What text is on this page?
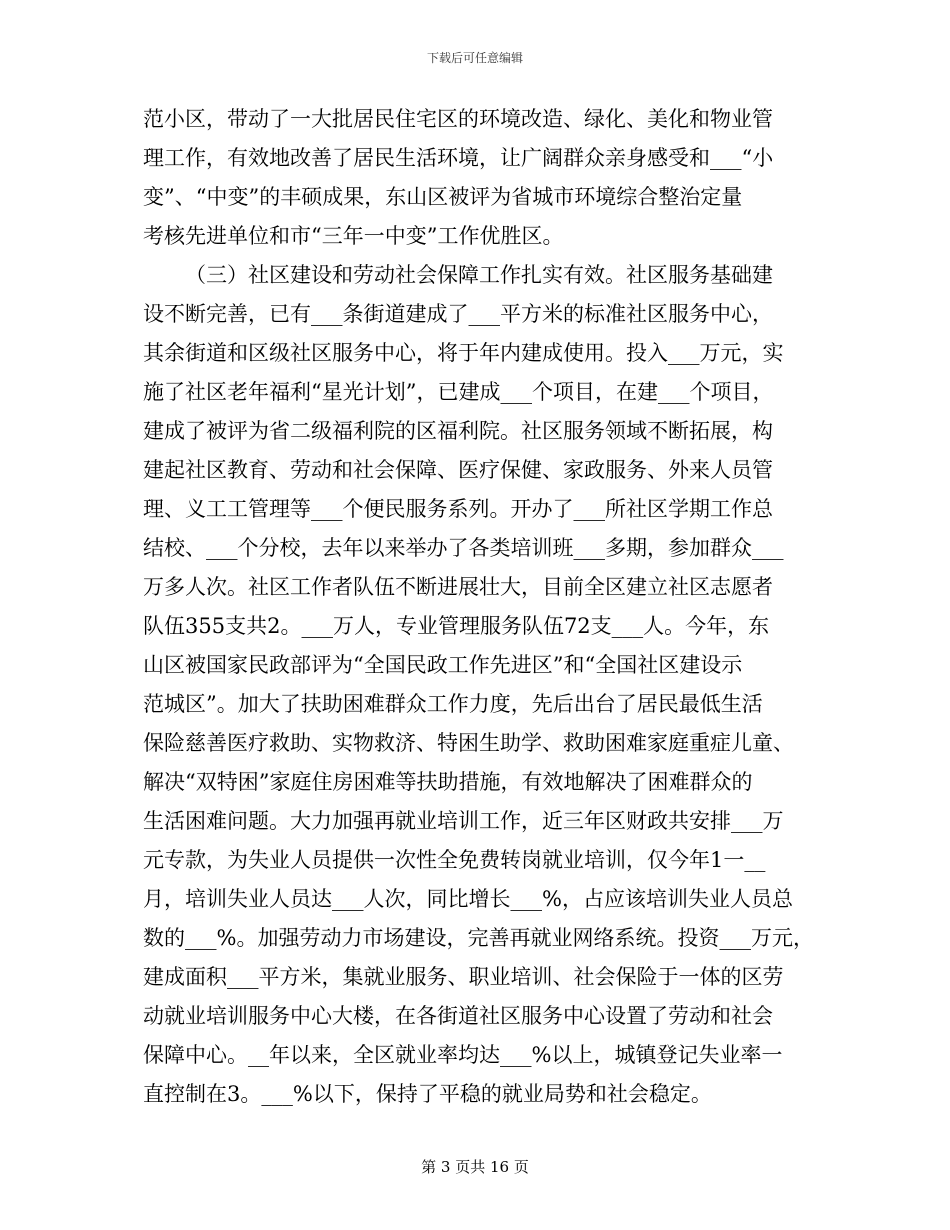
下载后可任意编辑
范小区，带动了一大批居民住宅区的环境改造、绿化、美化和物业管
理工作，有效地改善了居民生活环境，让广阔群众亲身感受和___“小
变”、“中变”的丰硕成果，东山区被评为省城市环境综合整治定量
考核先进单位和市“三年一中变”工作优胜区。
（三）社区建设和劳动社会保障工作扎实有效。社区服务基础建
设不断完善，已有___条街道建成了___平方米的标准社区服务中心，
其余街道和区级社区服务中心，将于年内建成使用。投入___万元，实
施了社区老年福利“星光计划”，已建成___个项目，在建___个项目，
建成了被评为省二级福利院的区福利院。社区服务领域不断拓展，构
建起社区教育、劳动和社会保障、医疗保健、家政服务、外来人员管
理、义工工管理等___个便民服务系列。开办了___所社区学期工作总
结校、___个分校，去年以来举办了各类培训班___多期，参加群众___
万多人次。社区工作者队伍不断进展壮大，目前全区建立社区志愿者
队伍355支共2。___万人，专业管理服务队伍72支___人。今年，东
山区被国家民政部评为“全国民政工作先进区”和“全国社区建设示
范城区”。加大了扶助困难群众工作力度，先后出台了居民最低生活
保险慈善医疗救助、实物救济、特困生助学、救助困难家庭重症儿童、
解决“双特困”家庭住房困难等扶助措施，有效地解决了困难群众的
生活困难问题。大力加强再就业培训工作，近三年区财政共安排___万
元专款，为失业人员提供一次性全免费转岗就业培训，仅今年1一__
月，培训失业人员达___人次，同比增长___%，占应该培训失业人员总
数的___%。加强劳动力市场建设，完善再就业网络系统。投资___万元，
建成面积___平方米，集就业服务、职业培训、社会保险于一体的区劳
动就业培训服务中心大楼，在各街道社区服务中心设置了劳动和社会
保障中心。__年以来，全区就业率均达___%以上，城镇登记失业率一
直控制在3。___%以下，保持了平稳的就业局势和社会稳定。
第 3 页共 16 页
